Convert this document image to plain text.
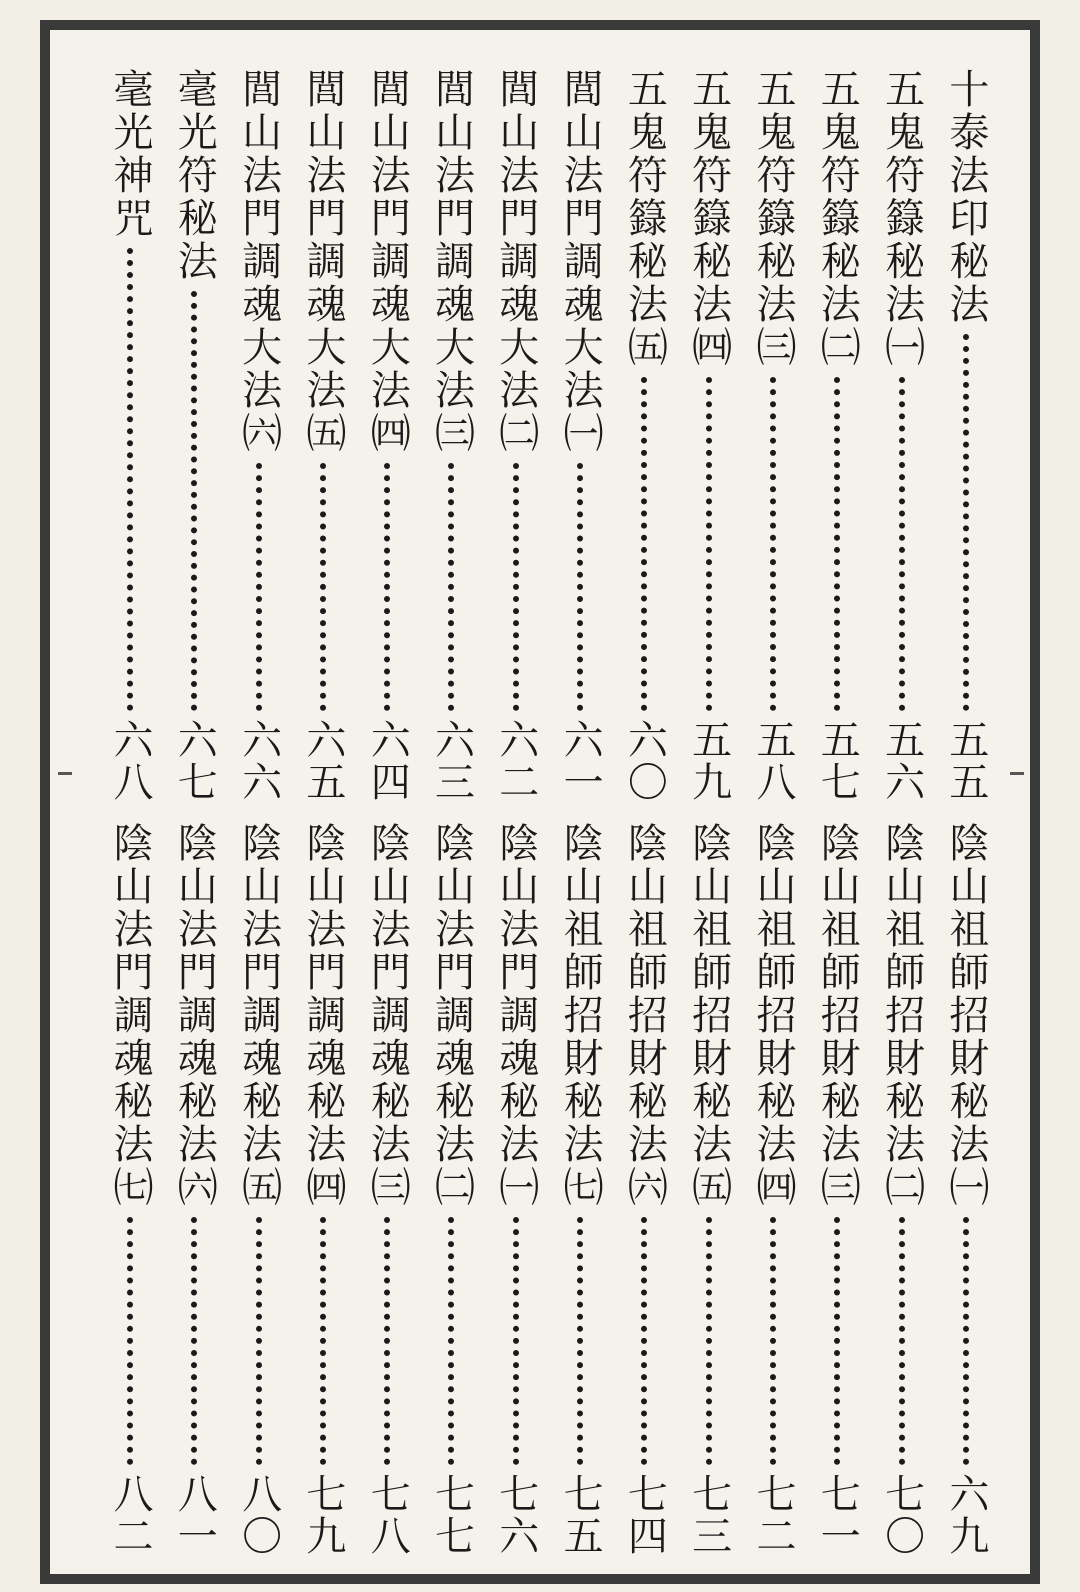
十泰法印秘法
五五
五鬼符籙秘法㈠
五六
五鬼符籙秘法㈡
五七
五鬼符籙秘法㈢
五八
五鬼符籙秘法㈣
五九
五鬼符籙秘法㈤
六〇
閭山法門調魂大法㈠
六一
閭山法門調魂大法㈡
六二
閭山法門調魂大法㈢
六三
閭山法門調魂大法㈣
六四
閭山法門調魂大法㈤
六五
閭山法門調魂大法㈥
六六
毫光符秘法
六七
毫光神咒
六八
陰山祖師招財秘法㈠
六九
陰山祖師招財秘法㈡
七〇
陰山祖師招財秘法㈢
七一
陰山祖師招財秘法㈣
七二
陰山祖師招財秘法㈤
七三
陰山祖師招財秘法㈥
七四
陰山祖師招財秘法㈦
七五
陰山法門調魂秘法㈠
七六
陰山法門調魂秘法㈡
七七
陰山法門調魂秘法㈢
七八
陰山法門調魂秘法㈣
七九
陰山法門調魂秘法㈤
八〇
陰山法門調魂秘法㈥
八一
陰山法門調魂秘法㈦
八二
